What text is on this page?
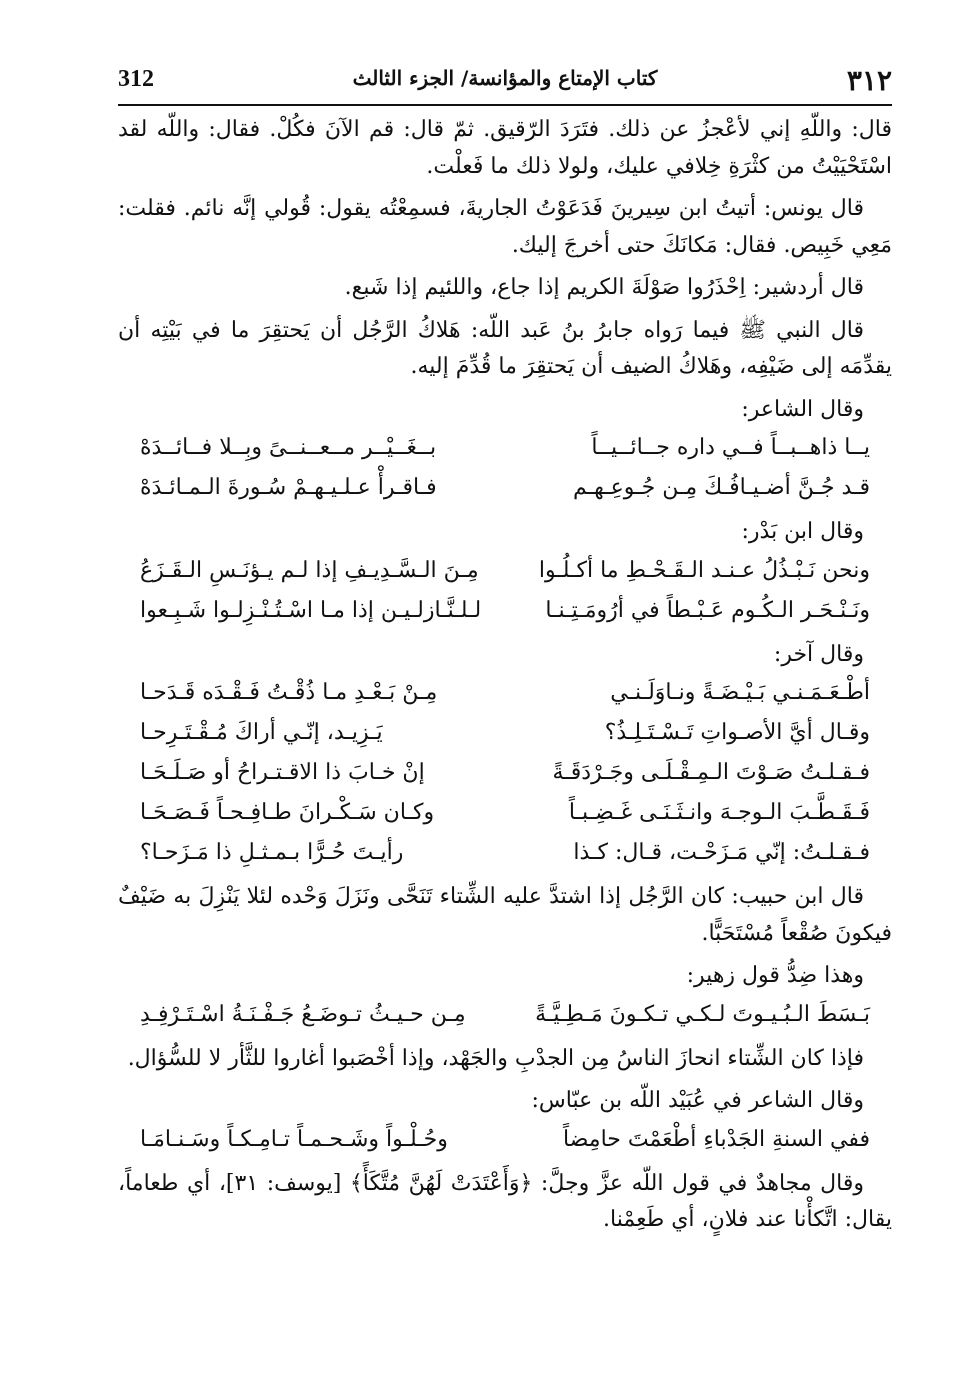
٣١٢
كتاب الإمتاع والمؤانسة/ الجزء الثالث
312

قال: واللّهِ إني لأعْجزُ عن ذلك. فتَرَدَ الرّقيق. ثمّ قال: قم الآنَ فكُلْ. فقال: واللّه لقد اسْتَحْيَيْتُ من كثْرَةِ خِلافي عليك، ولولا ذلك ما فَعلْت.

قال يونس: أتيتُ ابن سِيرينَ فَدَعَوْتُ الجاريةَ، فسمِعْتُه يقول: قُولي إنَّه نائم. فقلت: مَعِي خَبِيص. فقال: مَكانَكَ حتى أخرجَ إليك.

قال أردشير: اِحْذَرُوا صَوْلَةَ الكريم إذا جاع، واللئيم إذا شَبع.

قال النبي ﷺ فيما رَواه جابرُ بنُ عَبد اللّه: هَلاكُ الرَّجُل أن يَحتقِرَ ما في بَيْتِه أن يقدِّمَه إلى ضَيْفِه، وهَلاكُ الضيف أن يَحتقِرَ ما قُدِّمَ إليه.

وقال الشاعر:

يــا ذاهــبــاً فــي داره جــائــيــاً
بــغَــيْــر مــعــنــىً وبِــلا فــائــدَهْ
قـد جُـنَّ أضـيـافُـكَ مِـن جُـوعِـهـم
فـاقـرأْ عـلـيـهـمْ سُـورةَ الـمـائـدَهْ

وقال ابن بَدْر:

ونحن نَـبْـذُلُ عـنـد الـقَـحْـطِ ما أكـلُـوا
مِـنَ الـسَّـدِيـفِ إذا لـم يـؤنَـسِ الـقَـزَعُ
ونَـنْـحَـر الـكُـوم عَـبْـطاً في أرُومَـتِـنـا
لـلـنَّـازلـيـن إذا مـا اسْـتُـنْـزِلـوا شَـبِـعوا

وقال آخر:

أطْـعَـمَـنـي بَـيْـضَـةً ونـاوَلَـنـي
مِـنْ بَـعْـدِ مـا ذُقْـتُ فَـقْـدَه قَـدَحـا
وقـال أيَّ الأصـواتِ تَـسْـتَـلِـذُ؟
يَـزِيـد، إنّـي أراكَ مُـقْـتَـرِحـا
فـقـلـتُ صَـوْتَ الـمِـقْـلَـى وجَـرْدَقَـةً
إنْ خـابَ ذا الاقـتـراحُ أو صَـلَـحَـا
فَـقَـطَّـبَ الـوجـهَ وانـثَـنَـى غَـضِـبـاً
وكـان سَـكْـرانَ طـافِـحـاً فَـصَـحَـا
فـقـلـتُ: إنّي مَـزَحْـت، قـال: كـذا
رأيـتَ حُـرًّا بـمـثـلِ ذا مَـزَحـا؟

قال ابن حبيب: كان الرَّجُل إذا اشتدَّ عليه الشِّتاء تَنَحَّى ونَزَلَ وَحْده لئلا يَنْزِلَ به ضَيْفٌ فيكونَ صُقْعاً مُسْتَحَبًّا.

وهذا ضِدُّ قول زهير:

بَـسَطَ الـبُـيـوتَ لـكـي تـكـونَ مَـطِـيَّـةً
مِـن حـيـثُ تـوضَـعُ جَـفْـنَـةُ اسْـتَـرْفِـدِ

فإذا كان الشِّتاء انحازَ الناسُ مِن الجدْبِ والجَهْد، وإذا أخْصَبوا أغاروا للثَّأر لا للسُّؤال.

وقال الشاعر في عُبَيْد اللّه بن عبّاس:

ففي السنةِ الجَدْباءِ أطْعَمْتَ حامِضاً
وحُـلْـواً وشَـحـمـاً تـامِـكـاً وسَـنـامَـا

وقال مجاهدٌ في قول اللّه عزَّ وجلَّ: ﴿وَأَعْتَدَتْ لَهُنَّ مُتَّكَأً﴾ [يوسف: ٣١]، أي طعاماً، يقال: اتَّكأْنا عند فلانٍ، أي طَعِمْنا.
